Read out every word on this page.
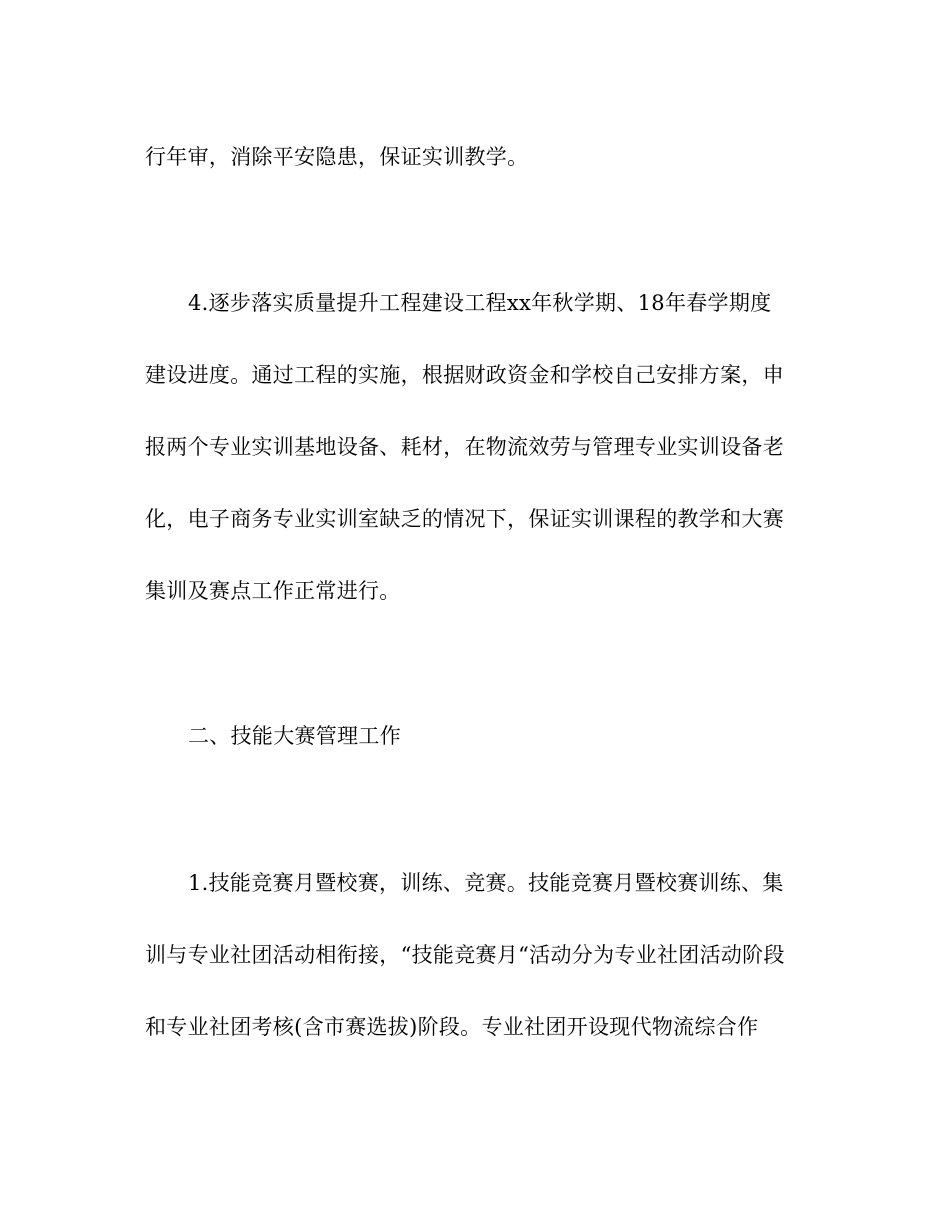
行年审，消除平安隐患，保证实训教学。
4.逐步落实质量提升工程建设工程xx年秋学期、18年春学期度
建设进度。通过工程的实施，根据财政资金和学校自己安排方案，申
报两个专业实训基地设备、耗材，在物流效劳与管理专业实训设备老
化，电子商务专业实训室缺乏的情况下，保证实训课程的教学和大赛
集训及赛点工作正常进行。
二、技能大赛管理工作
1.技能竞赛月暨校赛，训练、竞赛。技能竞赛月暨校赛训练、集
训与专业社团活动相衔接，“技能竞赛月“活动分为专业社团活动阶段
和专业社团考核(含市赛选拔)阶段。专业社团开设现代物流综合作
